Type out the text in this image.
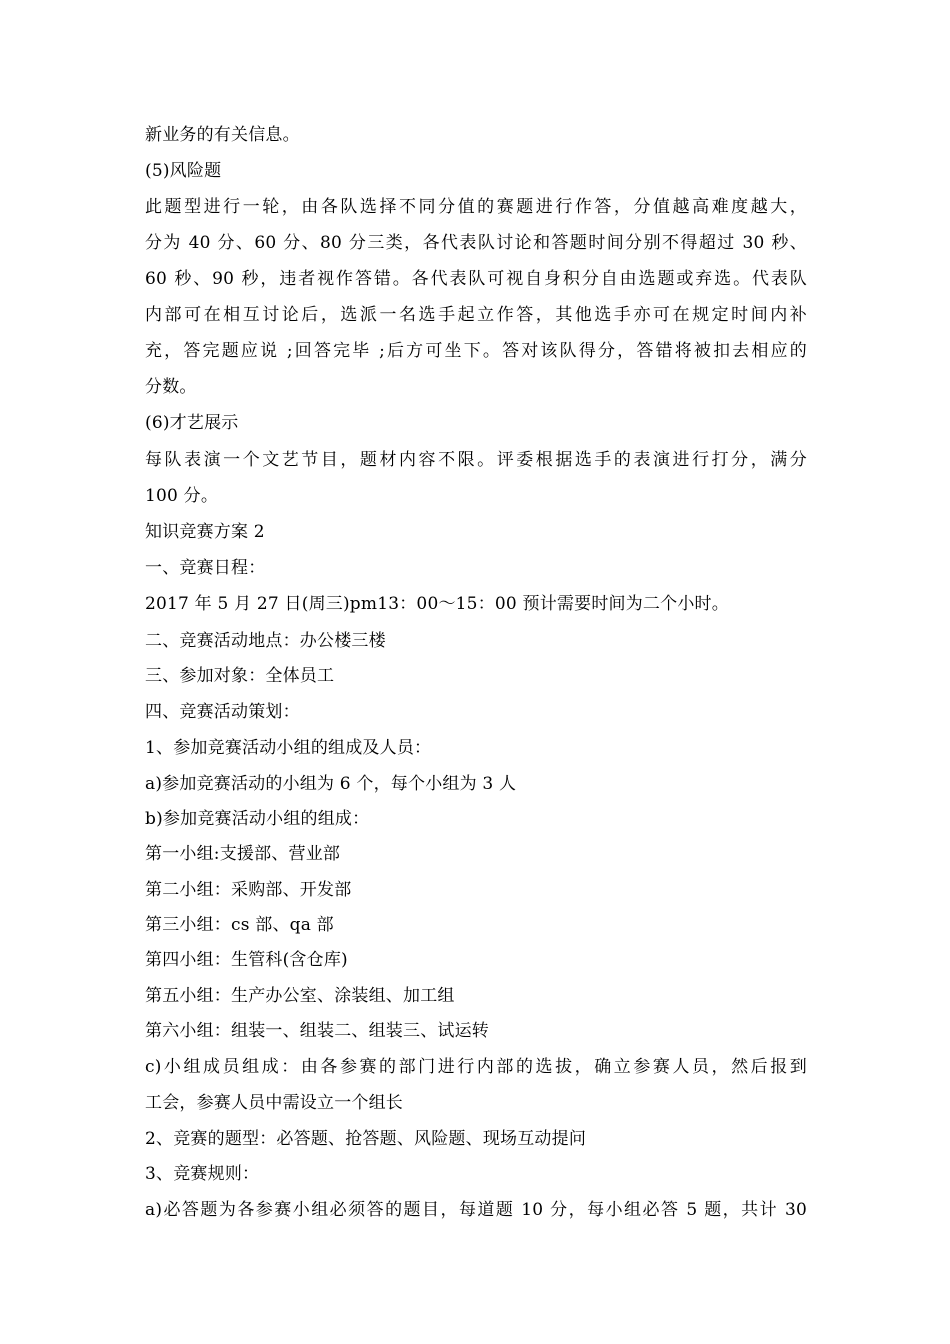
新业务的有关信息。
(5)风险题
此题型进行一轮，由各队选择不同分值的赛题进行作答，分值越高难度越大，
分为 40 分、60 分、80 分三类，各代表队讨论和答题时间分别不得超过 30 秒、
60 秒、90 秒，违者视作答错。各代表队可视自身积分自由选题或弃选。代表队
内部可在相互讨论后，选派一名选手起立作答，其他选手亦可在规定时间内补
充，答完题应说 ;回答完毕 ;后方可坐下。答对该队得分，答错将被扣去相应的
分数。
(6)才艺展示
每队表演一个文艺节目，题材内容不限。评委根据选手的表演进行打分，满分
100 分。
知识竞赛方案 2
一、竞赛日程：
2017 年 5 月 27 日(周三)pm13：00～15：00 预计需要时间为二个小时。
二、竞赛活动地点：办公楼三楼
三、参加对象：全体员工
四、竞赛活动策划：
1、参加竞赛活动小组的组成及人员：
a)参加竞赛活动的小组为 6 个，每个小组为 3 人
b)参加竞赛活动小组的组成：
第一小组:支援部、营业部
第二小组：采购部、开发部
第三小组：cs 部、qa 部
第四小组：生管科(含仓库)
第五小组：生产办公室、涂装组、加工组
第六小组：组装一、组装二、组装三、试运转
c)小组成员组成：由各参赛的部门进行内部的选拔，确立参赛人员，然后报到
工会，参赛人员中需设立一个组长
2、竞赛的题型：必答题、抢答题、风险题、现场互动提问
3、竞赛规则：
a)必答题为各参赛小组必须答的题目，每道题 10 分，每小组必答 5 题，共计 30
